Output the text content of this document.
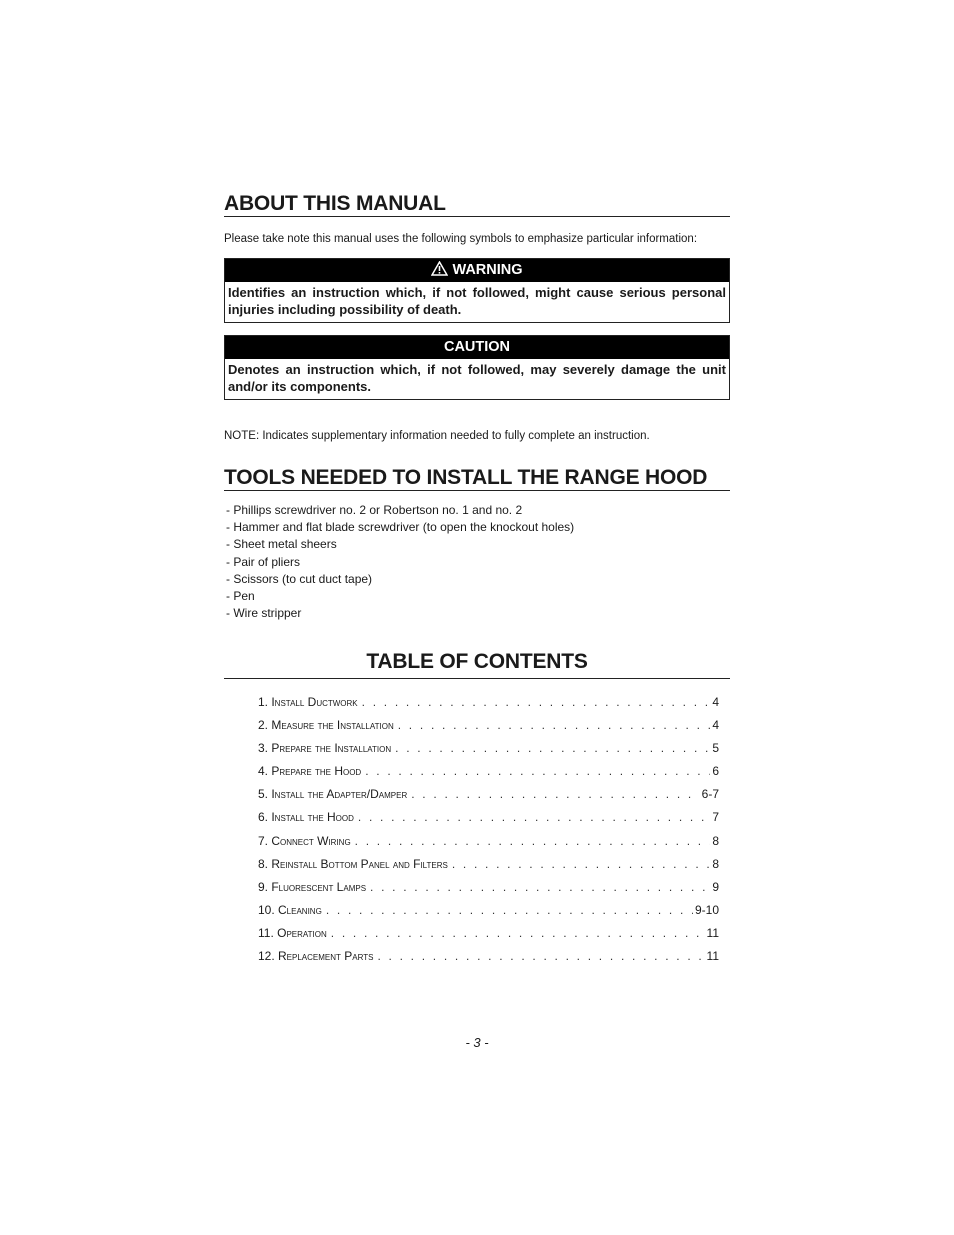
ABOUT THIS MANUAL
Please take note this manual uses the following symbols to emphasize particular information:
WARNING
Identifies an instruction which, if not followed, might cause serious personal injuries including possibility of death.
CAUTION
Denotes an instruction which, if not followed, may severely damage the unit and/or its components.
NOTE: Indicates supplementary information needed to fully complete an instruction.
TOOLS NEEDED TO INSTALL THE RANGE HOOD
- Phillips screwdriver no. 2 or Robertson no. 1 and no. 2
- Hammer and flat blade screwdriver (to open the knockout holes)
- Sheet metal sheers
- Pair of pliers
- Scissors (to cut duct tape)
- Pen
- Wire stripper
TABLE OF CONTENTS
1. Install Ductwork . . .	4
2. Measure the Installation . . .	4
3. Prepare the Installation . . .	5
4. Prepare the Hood . . .	6
5. Install the Adapter/Damper . . .	6-7
6. Install the Hood . . .	7
7. Connect Wiring . . .	8
8. Reinstall Bottom Panel and Filters . . .	8
9. Fluorescent Lamps . . .	9
10. Cleaning . . .	9-10
11. Operation . . .	11
12. Replacement Parts . . .	11
- 3 -
